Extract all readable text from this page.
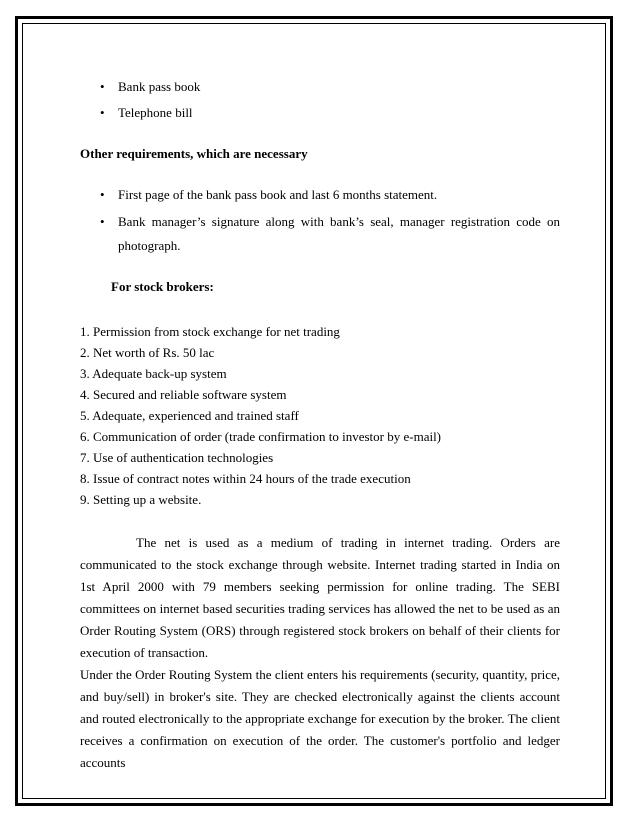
• Bank pass book
• Telephone bill
Other requirements, which are necessary
• First page of the bank pass book and last 6 months statement.
• Bank manager’s signature along with bank’s seal, manager registration code on photograph.
For stock brokers:
1. Permission from stock exchange for net trading
2. Net worth of Rs. 50 lac
3. Adequate back-up system
4. Secured and reliable software system
5. Adequate, experienced and trained staff
6. Communication of order (trade confirmation to investor by e-mail)
7. Use of authentication technologies
8. Issue of contract notes within 24 hours of the trade execution
9. Setting up a website.

The net is used as a medium of trading in internet trading. Orders are communicated to the stock exchange through website. Internet trading started in India on 1st April 2000 with 79 members seeking permission for online trading. The SEBI committees on internet based securities trading services has allowed the net to be used as an Order Routing System (ORS) through registered stock brokers on behalf of their clients for execution of transaction.

Under the Order Routing System the client enters his requirements (security, quantity, price, and buy/sell) in broker's site. They are checked electronically against the clients account and routed electronically to the appropriate exchange for execution by the broker. The client receives a confirmation on execution of the order. The customer's portfolio and ledger accounts
